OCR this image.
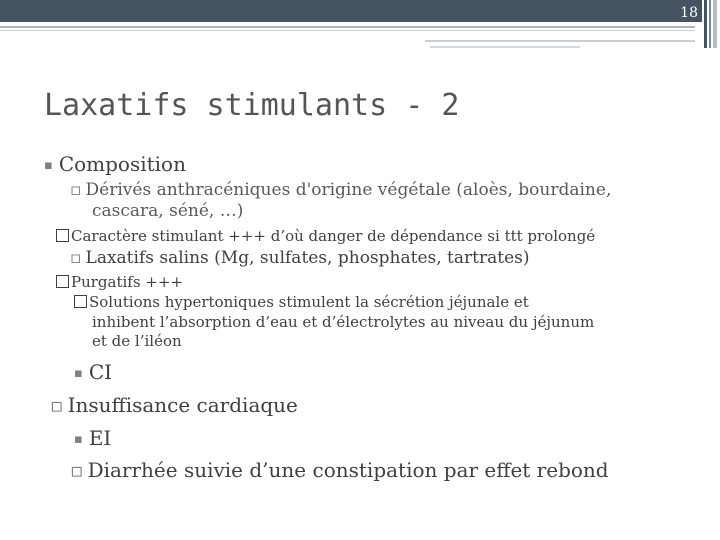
18
Laxatifs stimulants - 2
▪ Composition
▫ Dérivés anthracéniques d'origine végétale (aloès, bourdaine,
cascara, séné, …)
Caractère stimulant +++ d’où danger de dépendance si ttt prolongé
▫ Laxatifs salins (Mg, sulfates, phosphates, tartrates)
Purgatifs +++
Solutions hypertoniques stimulent la sécrétion jéjunale et
inhibent l’absorption d’eau et d’électrolytes au niveau du jéjunum
et de l’iléon
▪ CI
▫ Insuffisance cardiaque
▪ EI
▫ Diarrhée suivie d’une constipation par effet rebond
